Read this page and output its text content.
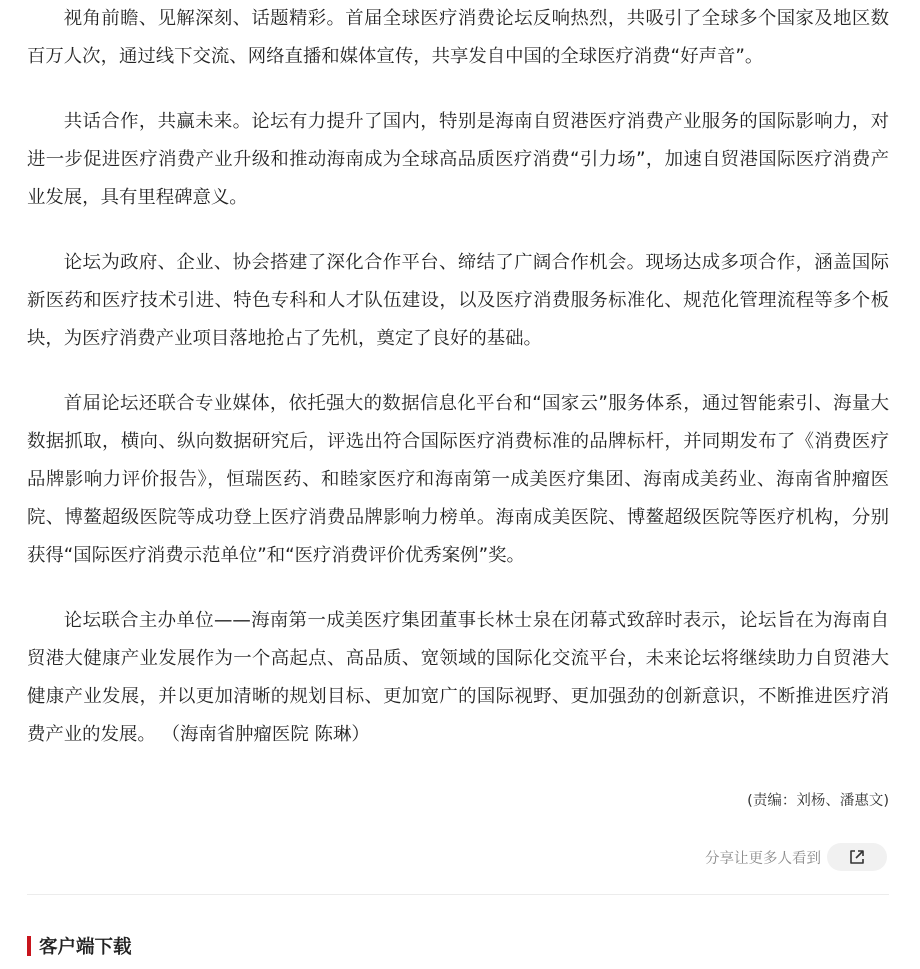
视角前瞻、见解深刻、话题精彩。首届全球医疗消费论坛反响热烈，共吸引了全球多个国家及地区数百万人次，通过线下交流、网络直播和媒体宣传，共享发自中国的全球医疗消费“好声音”。

共话合作，共赢未来。论坛有力提升了国内，特别是海南自贸港医疗消费产业服务的国际影响力，对进一步促进医疗消费产业升级和推动海南成为全球高品质医疗消费“引力场”，加速自贸港国际医疗消费产业发展，具有里程碑意义。

论坛为政府、企业、协会搭建了深化合作平台、缔结了广阔合作机会。现场达成多项合作，涵盖国际新医药和医疗技术引进、特色专科和人才队伍建设，以及医疗消费服务标准化、规范化管理流程等多个板块，为医疗消费产业项目落地抢占了先机，奠定了良好的基础。

首届论坛还联合专业媒体，依托强大的数据信息化平台和“国家云”服务体系，通过智能索引、海量大数据抓取，横向、纵向数据研究后，评选出符合国际医疗消费标准的品牌标杆，并同期发布了《消费医疗品牌影响力评价报告》，恒瑞医药、和睦家医疗和海南第一成美医疗集团、海南成美药业、海南省肿瘤医院、博鳌超级医院等成功登上医疗消费品牌影响力榜单。海南成美医院、博鳌超级医院等医疗机构，分别获得“国际医疗消费示范单位”和“医疗消费评价优秀案例”奖。

论坛联合主办单位——海南第一成美医疗集团董事长林士泉在闭幕式致辞时表示，论坛旨在为海南自贸港大健康产业发展作为一个高起点、高品质、宽领域的国际化交流平台，未来论坛将继续助力自贸港大健康产业发展，并以更加清晰的规划目标、更加宽广的国际视野、更加强劲的创新意识，不断推进医疗消费产业的发展。 （海南省肿瘤医院 陈琳）

(责编：刘杨、潘惠文)
分享让更多人看到
客户端下载
